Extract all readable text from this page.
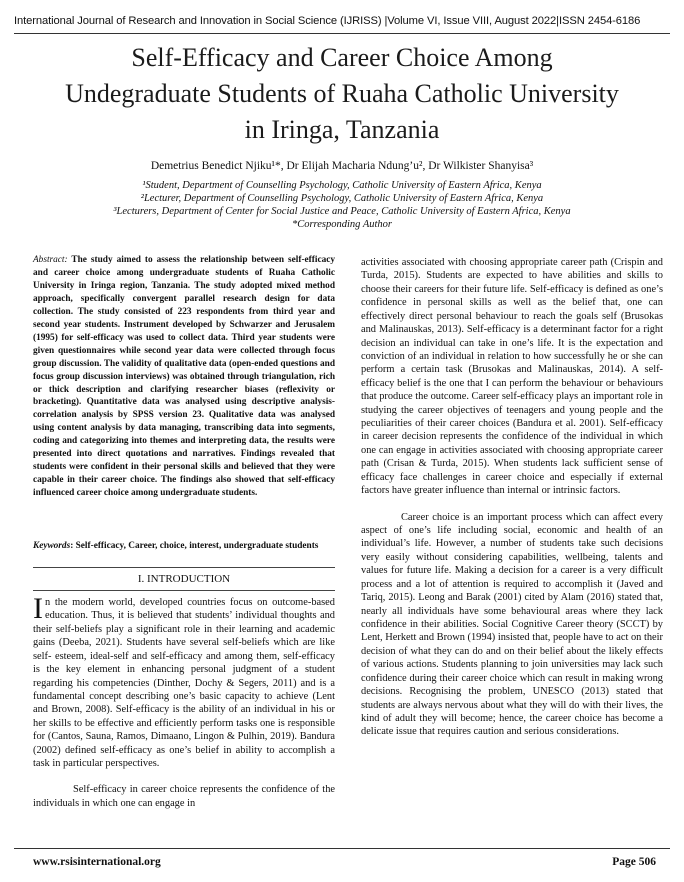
International Journal of Research and Innovation in Social Science (IJRISS) |Volume VI, Issue VIII, August 2022|ISSN 2454-6186
Self-Efficacy and Career Choice Among
Undegraduate Students of Ruaha Catholic University
in Iringa, Tanzania
Demetrius Benedict Njiku¹*, Dr Elijah Macharia Ndung’u², Dr Wilkister Shanyisa³
¹Student, Department of Counselling Psychology, Catholic University of Eastern Africa, Kenya
²Lecturer, Department of Counselling Psychology, Catholic University of Eastern Africa, Kenya
³Lecturers, Department of Center for Social Justice and Peace, Catholic University of Eastern Africa, Kenya
*Corresponding Author
Abstract: The study aimed to assess the relationship between self-efficacy and career choice among undergraduate students of Ruaha Catholic University in Iringa region, Tanzania. The study adopted mixed method approach, specifically convergent parallel research design for data collection. The study consisted of 223 respondents from third year and second year students. Instrument developed by Schwarzer and Jerusalem (1995) for self-efficacy was used to collect data. Third year students were given questionnaires while second year data were collected through focus group discussion. The validity of qualitative data (open-ended questions and focus group discussion interviews) was obtained through triangulation, rich or thick description and clarifying researcher biases (reflexivity or bracketing). Quantitative data was analysed using descriptive analysis-correlation analysis by SPSS version 23. Qualitative data was analysed using content analysis by data managing, transcribing data into segments, coding and categorizing into themes and interpreting data, the results were presented into direct quotations and narratives. Findings revealed that students were confident in their personal skills and believed that they were capable in their career choice. The findings also showed that self-efficacy influenced career choice among undergraduate students.
Keywords: Self-efficacy, Career, choice, interest, undergraduate students
I. INTRODUCTION

In the modern world, developed countries focus on outcome-based education. Thus, it is believed that students’ individual thoughts and their self-beliefs play a significant role in their learning and academic gains (Deeba, 2021). Students have several self-beliefs which are like self- esteem, ideal-self and self-efficacy and among them, self-efficacy is the key element in enhancing personal judgment of a student regarding his competencies (Dinther, Dochy & Segers, 2011) and is a fundamental concept describing one’s basic capacity to achieve (Lent and Brown, 2008). Self-efficacy is the ability of an individual in his or her skills to be effective and efficiently perform tasks one is responsible for (Cantos, Sauna, Ramos, Dimaano, Lingon & Pulhin, 2019). Bandura (2002) defined self-efficacy as one’s belief in ability to accomplish a task in particular perspectives.

Self-efficacy in career choice represents the confidence of the individuals in which one can engage in

activities associated with choosing appropriate career path (Crispin and Turda, 2015). Students are expected to have abilities and skills to choose their careers for their future life. Self-efficacy is defined as one’s confidence in personal skills as well as the belief that, one can effectively direct personal behaviour to reach the goals self (Brusokas and Malinauskas, 2013). Self-efficacy is a determinant factor for a right decision an individual can take in one’s life. It is the expectation and conviction of an individual in relation to how successfully he or she can perform a certain task (Brusokas and Malinauskas, 2014). A self-efficacy belief is the one that I can perform the behaviour or behaviours that produce the outcome. Career self-efficacy plays an important role in studying the career objectives of teenagers and young people and the peculiarities of their career choices (Bandura et al. 2001). Self-efficacy in career decision represents the confidence of the individual in which one can engage in activities associated with choosing appropriate career path (Crisan & Turda, 2015). When students lack sufficient sense of efficacy face challenges in career choice and especially if external factors have greater influence than internal or intrinsic factors.

Career choice is an important process which can affect every aspect of one’s life including social, economic and health of an individual’s life. However, a number of students take such decisions very easily without considering capabilities, wellbeing, talents and values for future life. Making a decision for a career is a very difficult process and a lot of attention is required to accomplish it (Javed and Tariq, 2015). Leong and Barak (2001) cited by Alam (2016) stated that, nearly all individuals have some behavioural areas where they lack confidence in their abilities. Social Cognitive Career theory (SCCT) by Lent, Herkett and Brown (1994) insisted that, people have to act on their decision of what they can do and on their belief about the likely effects of various actions. Students planning to join universities may lack such confidence during their career choice which can result in making wrong decisions. Recognising the problem, UNESCO (2013) stated that students are always nervous about what they will do with their lives, the kind of adult they will become; hence, the career choice has become a delicate issue that requires caution and serious considerations.

www.rsisinternational.org	Page 506
